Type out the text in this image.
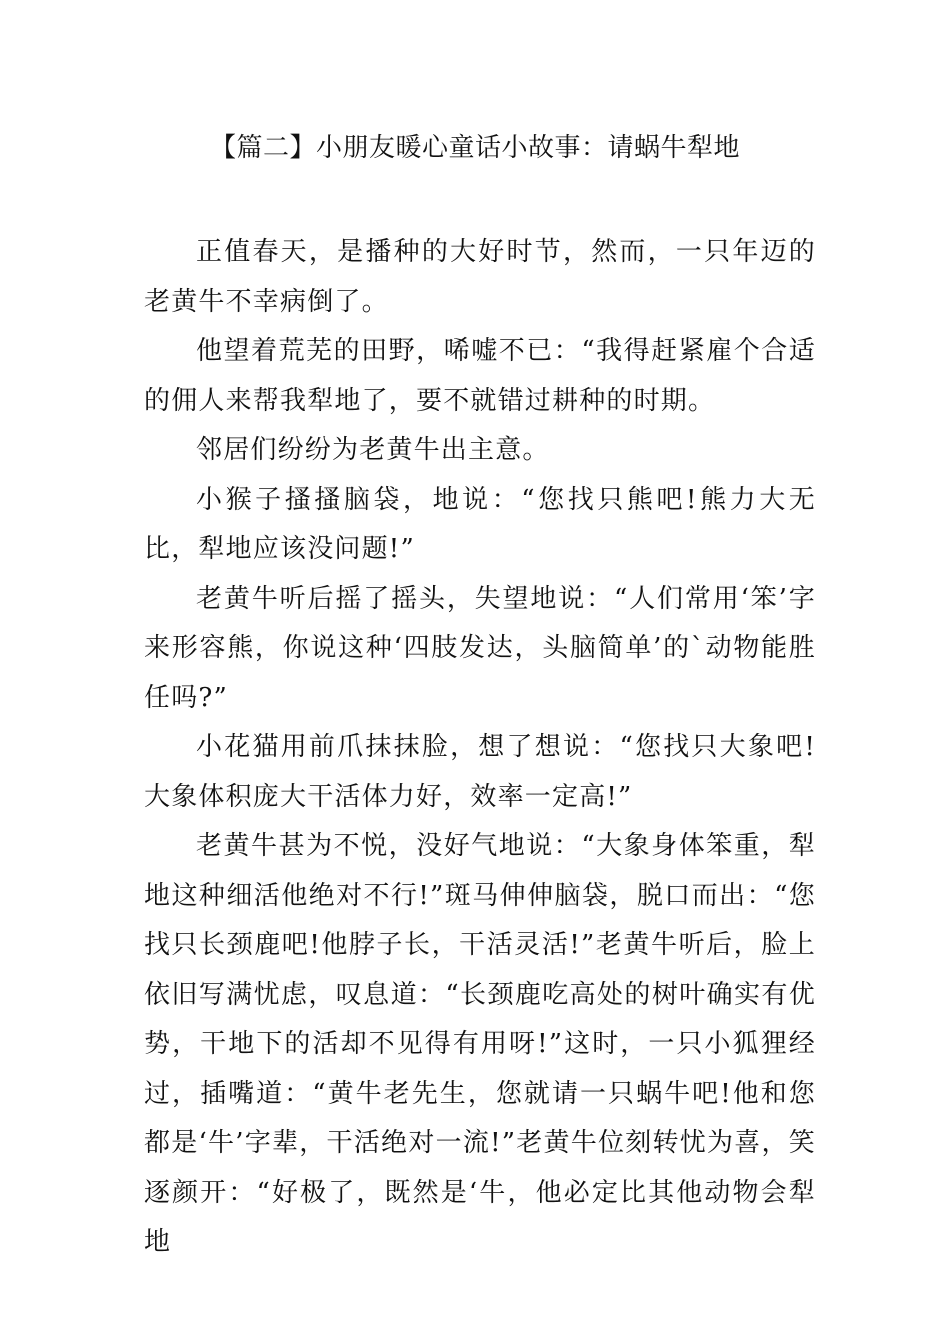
【篇二】小朋友暖心童话小故事：请蜗牛犁地

正值春天，是播种的大好时节，然而，一只年迈的老黄牛不幸病倒了。

他望着荒芜的田野，唏嘘不已：“我得赶紧雇个合适的佣人来帮我犁地了，要不就错过耕种的时期。

邻居们纷纷为老黄牛出主意。

小猴子搔搔脑袋，地说：“您找只熊吧!熊力大无比，犁地应该没问题!”

老黄牛听后摇了摇头，失望地说：“人们常用‘笨’字来形容熊，你说这种‘四肢发达，头脑简单’的`动物能胜任吗?”

小花猫用前爪抹抹脸，想了想说：“您找只大象吧!大象体积庞大干活体力好，效率一定高!”

老黄牛甚为不悦，没好气地说：“大象身体笨重，犁地这种细活他绝对不行!”斑马伸伸脑袋，脱口而出：“您找只长颈鹿吧!他脖子长，干活灵活!”老黄牛听后，脸上依旧写满忧虑，叹息道：“长颈鹿吃高处的树叶确实有优势，干地下的活却不见得有用呀!”这时，一只小狐狸经过，插嘴道：“黄牛老先生，您就请一只蜗牛吧!他和您都是‘牛’字辈，干活绝对一流!”老黄牛位刻转忧为喜，笑逐颜开：“好极了，既然是‘牛，他必定比其他动物会犁地
